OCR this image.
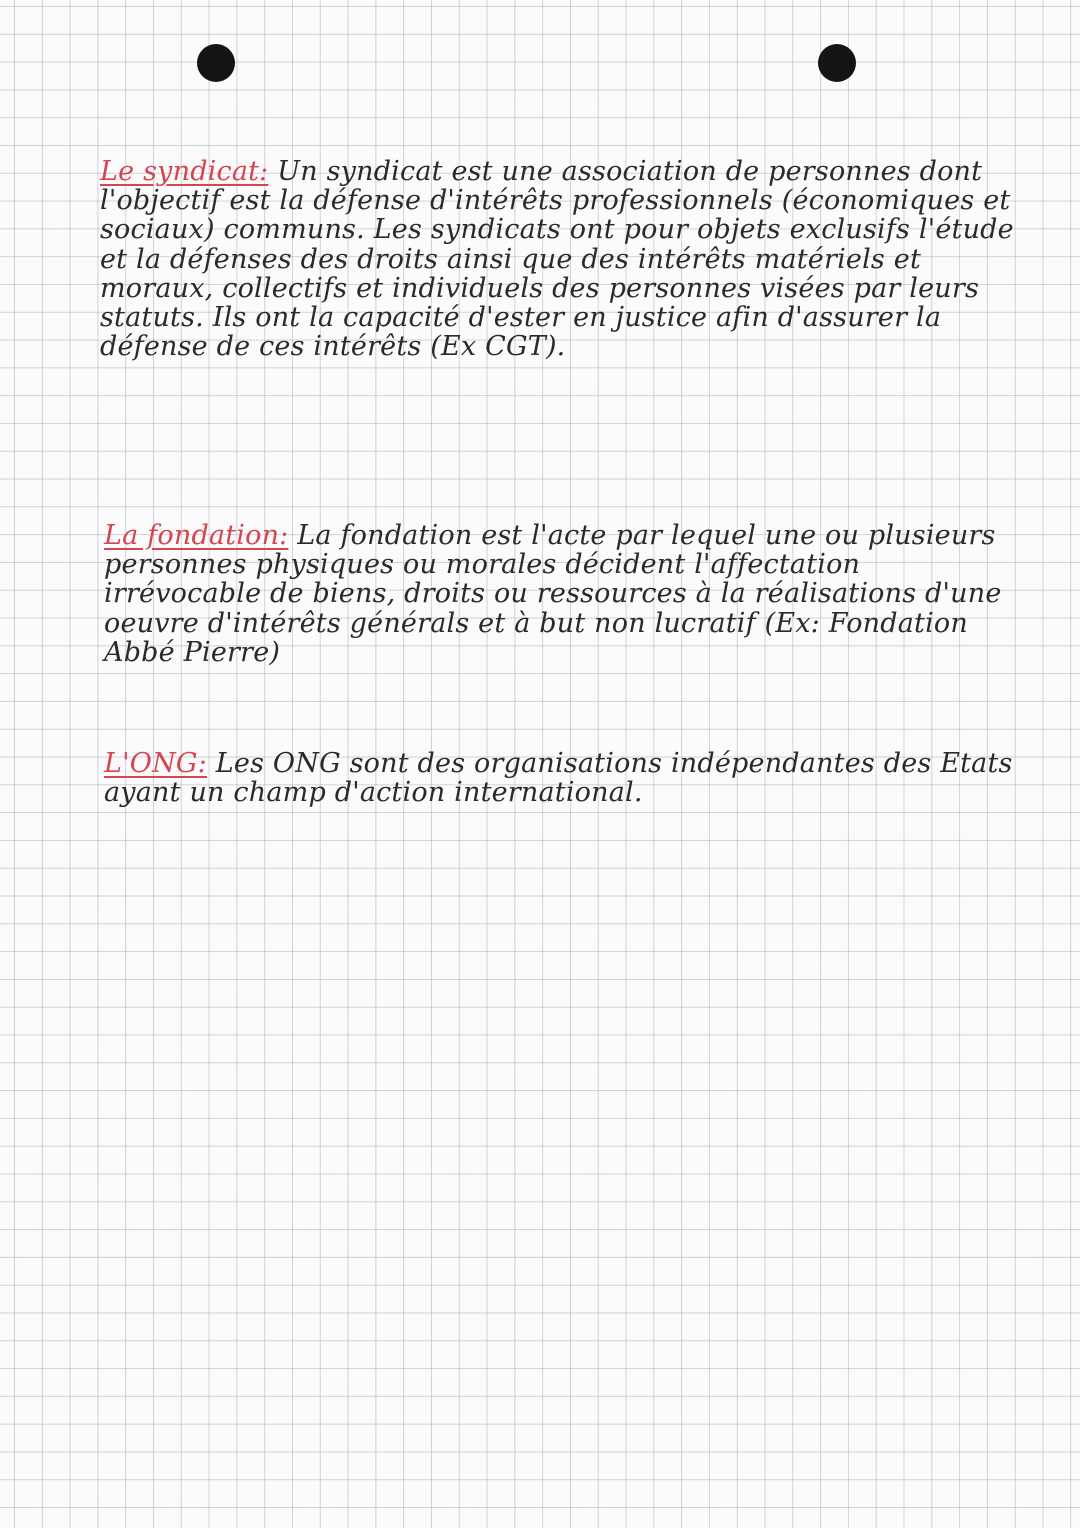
Le syndicat: Un syndicat est une association de personnes dont l'objectif est la défense d'intérêts professionnels (économiques et sociaux) communs. Les syndicats ont pour objets exclusifs l'étude et la défenses des droits ainsi que des intérêts matériels et moraux, collectifs et individuels des personnes visées par leurs statuts. Ils ont la capacité d'ester en justice afin d'assurer la défense de ces intérêts (Ex CGT).

La fondation: La fondation est l'acte par lequel une ou plusieurs personnes physiques ou morales décident l'affectation irrévocable de biens, droits ou ressources à la réalisations d'une oeuvre d'intérêts générals et à but non lucratif (Ex: Fondation Abbé Pierre)

L'ONG: Les ONG sont des organisations indépendantes des Etats ayant un champ d'action international.
